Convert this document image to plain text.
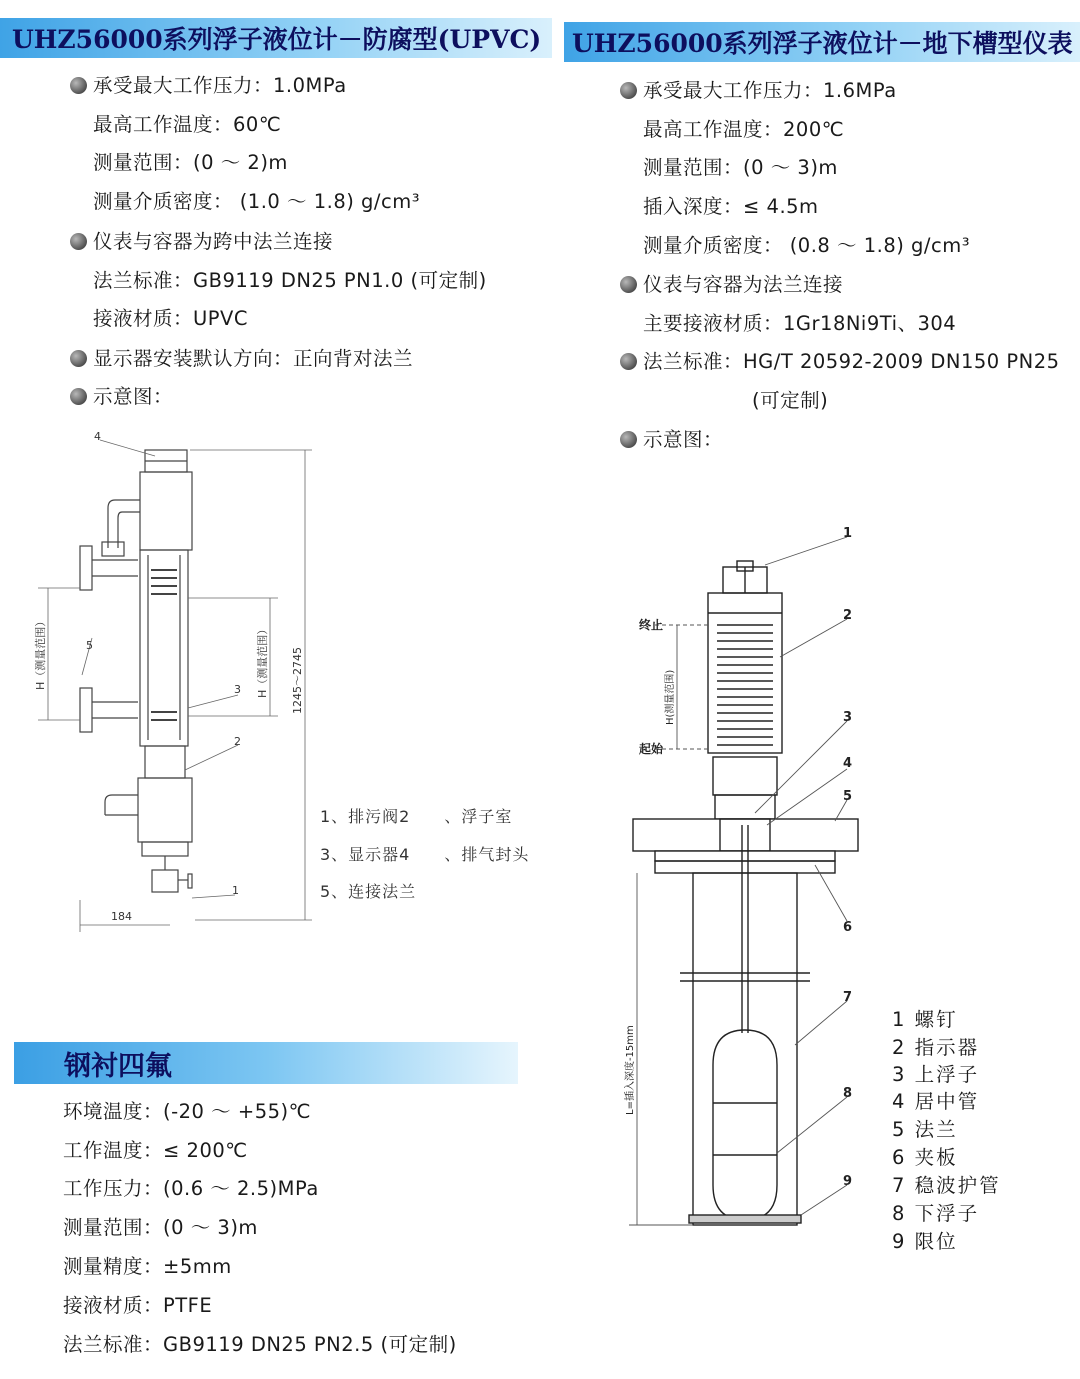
UHZ56000系列浮子液位计－防腐型(UPVC)
承受最大工作压力：1.0MPa
最高工作温度：60℃
测量范围：(0 ～ 2)m
测量介质密度： (1.0 ～ 1.8) g/cm³
仪表与容器为跨中法兰连接
法兰标准：GB9119 DN25 PN1.0 (可定制)
接液材质：UPVC
显示器安装默认方向：正向背对法兰
示意图：
4
5
3
2
1
184
H（测量范围）	H（测量范围） 1245～2745
1、排污阀2　　、浮子室
3、显示器4　　、排气封头
5、连接法兰
钢衬四氟
环境温度：(-20 ～ +55)℃
工作温度：≤ 200℃
工作压力：(0.6 ～ 2.5)MPa
测量范围：(0 ～ 3)m
测量精度：±5mm
接液材质：PTFE
法兰标准：GB9119 DN25 PN2.5 (可定制)
UHZ56000系列浮子液位计－地下槽型仪表
承受最大工作压力：1.6MPa
最高工作温度：200℃
测量范围：(0 ～ 3)m
插入深度：≤ 4.5m
测量介质密度： (0.8 ～ 1.8) g/cm³
仪表与容器为法兰连接
主要接液材质：1Gr18Ni9Ti、304
法兰标准：HG/T 20592-2009 DN150 PN25
(可定制)
示意图：
1
2
3
4
5
6
7
8
9
终止
起始
H(测量范围)
L=插入深度-15mm
1 螺钉
2 指示器
3 上浮子
4 居中管
5 法兰
6 夹板
7 稳波护管
8 下浮子
9 限位
